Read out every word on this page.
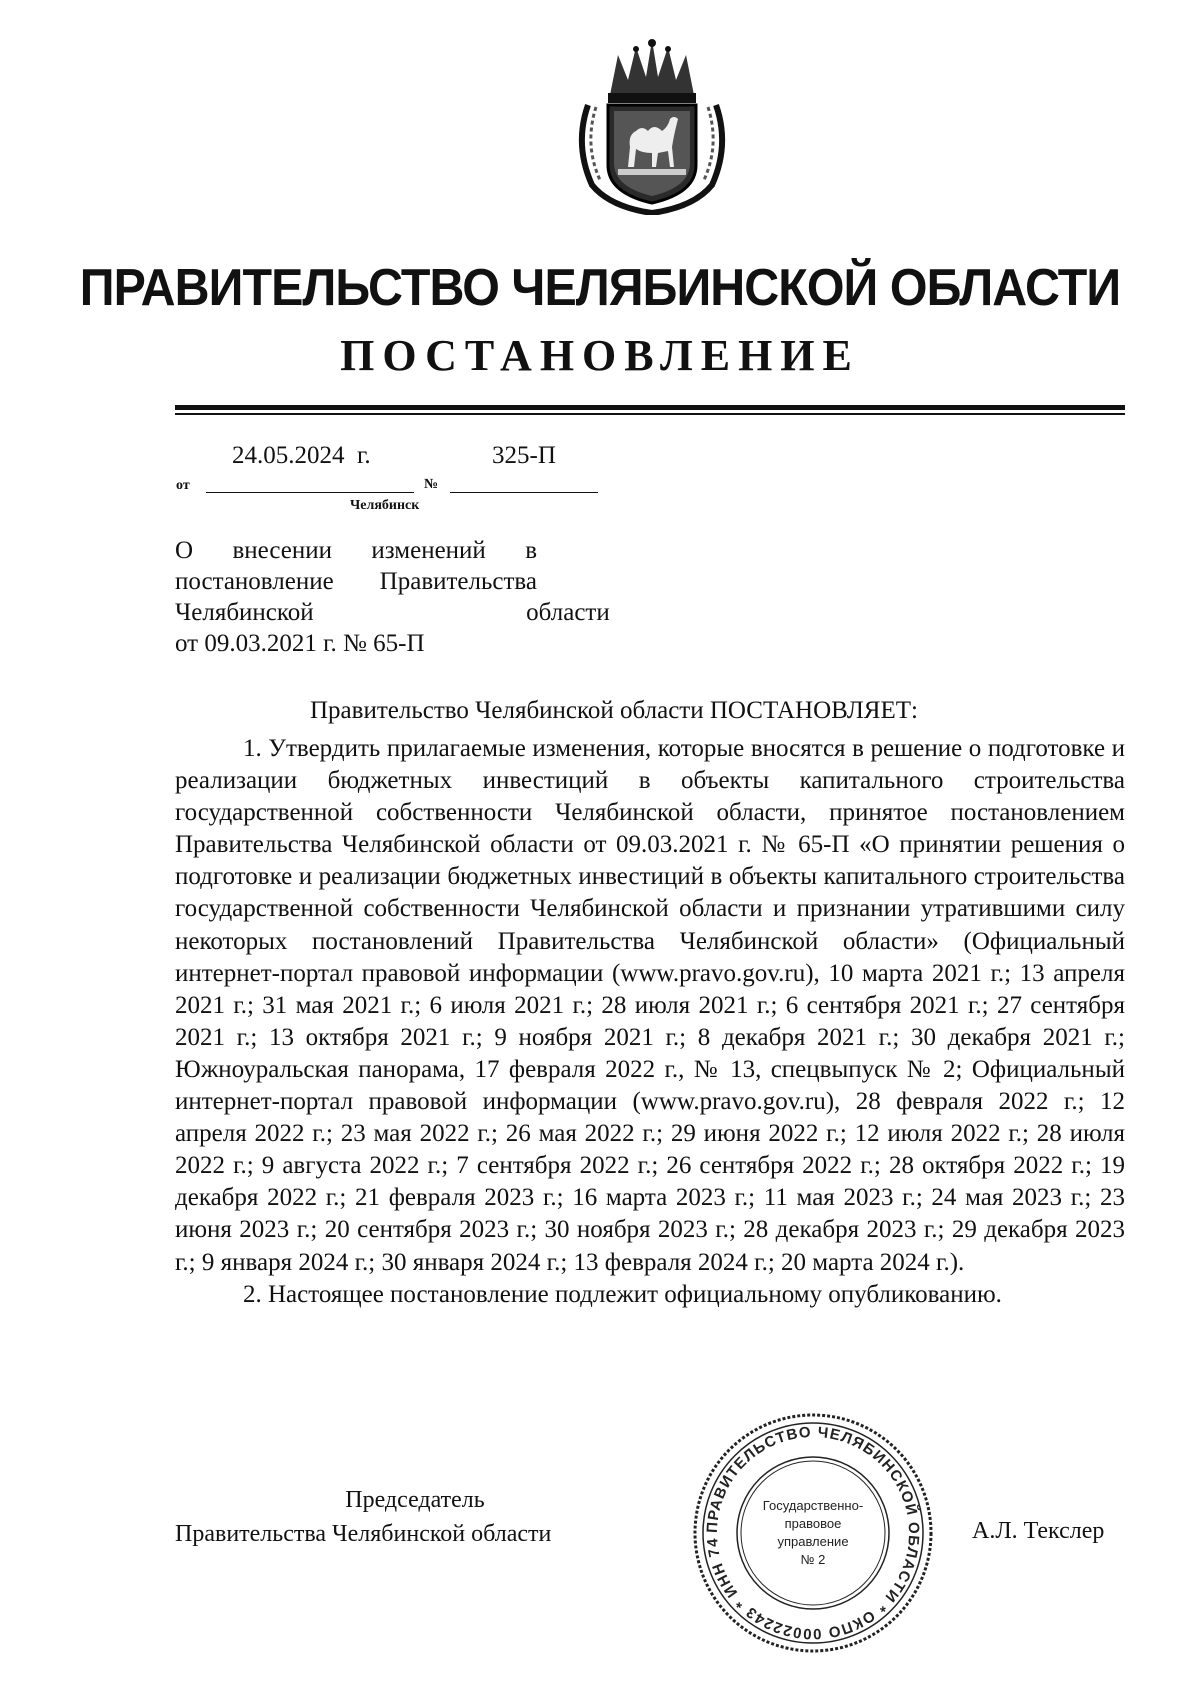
ПРАВИТЕЛЬСТВО ЧЕЛЯБИНСКОЙ ОБЛАСТИ
ПОСТАНОВЛЕНИЕ
24.05.2024  г.	325-П
от	№
Челябинск
О  внесении  изменений  в
постановление Правительства
Челябинской  области
от 09.03.2021 г. № 65-П
Правительство Челябинской области ПОСТАНОВЛЯЕТ:

1. Утвердить прилагаемые изменения, которые вносятся в решение о подготовке и реализации бюджетных инвестиций в объекты капитального строительства государственной собственности Челябинской области, принятое постановлением Правительства Челябинской области от 09.03.2021 г. № 65-П «О принятии решения о подготовке и реализации бюджетных инвестиций в объекты капитального строительства государственной собственности Челябинской области и признании утратившими силу некоторых постановлений Правительства Челябинской области» (Официальный интернет-портал правовой информации (www.pravo.gov.ru), 10 марта 2021 г.; 13 апреля 2021 г.; 31 мая 2021 г.; 6 июля 2021 г.; 28 июля 2021 г.; 6 сентября 2021 г.; 27 сентября 2021 г.; 13 октября 2021 г.; 9 ноября 2021 г.; 8 декабря 2021 г.; 30 декабря 2021 г.; Южноуральская панорама, 17 февраля 2022 г., № 13, спецвыпуск № 2; Официальный интернет-портал правовой информации (www.pravo.gov.ru), 28 февраля 2022 г.; 12 апреля 2022 г.; 23 мая 2022 г.; 26 мая 2022 г.; 29 июня 2022 г.; 12 июля 2022 г.; 28 июля 2022 г.; 9 августа 2022 г.; 7 сентября 2022 г.; 26 сентября 2022 г.; 28 октября 2022 г.; 19 декабря 2022 г.; 21 февраля 2023 г.; 16 марта 2023 г.; 11 мая 2023 г.; 24 мая 2023 г.; 23 июня 2023 г.; 20 сентября 2023 г.; 30 ноября 2023 г.; 28 декабря 2023 г.; 29 декабря 2023 г.; 9 января 2024 г.; 30 января 2024 г.; 13 февраля 2024 г.; 20 марта 2024 г.).

2. Настоящее постановление подлежит официальному опубликованию.

Председатель
Правительства Челябинской области	А.Л. Текслер
ПРАВИТЕЛЬСТВО ЧЕЛЯБИНСКОЙ ОБЛАСТИ * ОКПО 00022243 * ИНН 74
Государственно-
правовое
управление
№ 2
